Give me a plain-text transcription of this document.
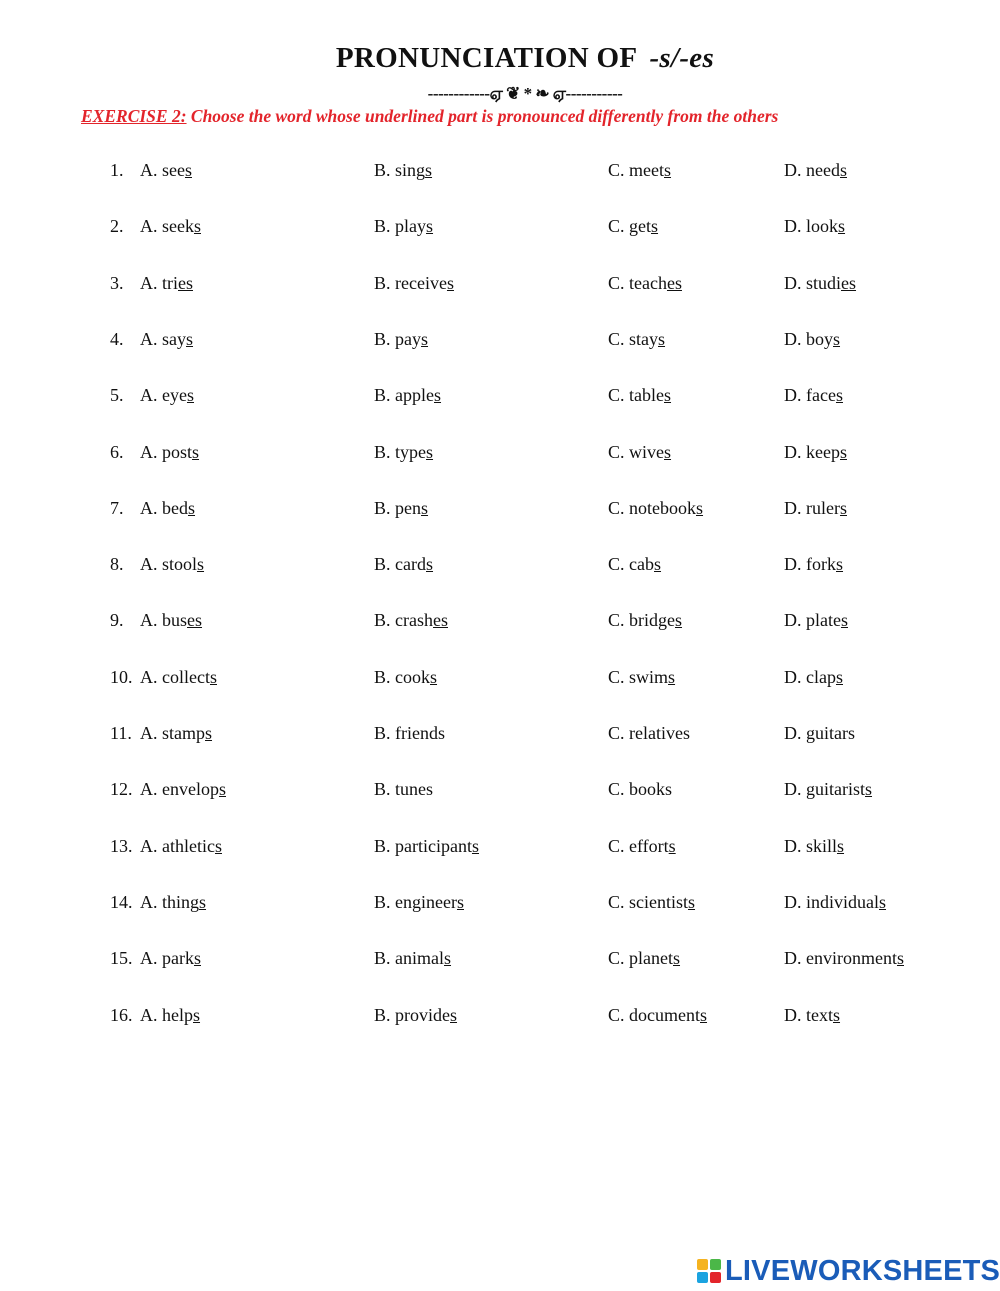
PRONUNCIATION OF -s/-es
------------ஏ ❦ * ❧ ஏ-----------
EXERCISE 2: Choose the word whose underlined part is pronounced differently from the others
1. A. sees	B. sings	C. meets	D. needs
2. A. seeks	B. plays	C. gets	D. looks
3. A. tries	B. receives	C. teaches	D. studies
4. A. says	B. pays	C. stays	D. boys
5. A. eyes	B. apples	C. tables	D. faces
6. A. posts	B. types	C. wives	D. keeps
7. A. beds	B. pens	C. notebooks	D. rulers
8. A. stools	B. cards	C. cabs	D. forks
9. A. buses	B. crashes	C. bridges	D. plates
10. A. collects	B. cooks	C. swims	D. claps
11. A. stamps	B. friends	C. relatives	D. guitars
12. A. envelops	B. tunes	C. books	D. guitarists
13. A. athletics	B. participants	C. efforts	D. skills
14. A. things	B. engineers	C. scientists	D. individuals
15. A. parks	B. animals	C. planets	D. environments
16. A. helps	B. provides	C. documents	D. texts
LIVEWORKSHEETS
